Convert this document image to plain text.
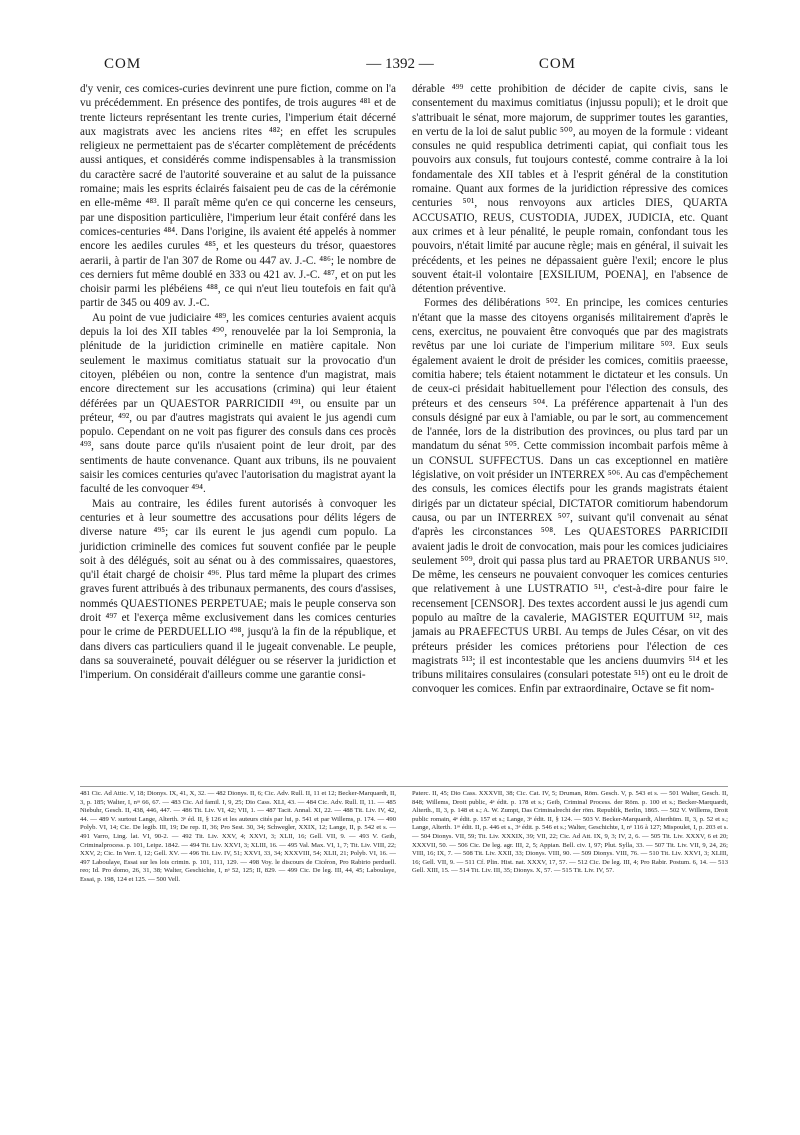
COM	— 1392 —	COM

d'y venir, ces comices-curies devinrent une pure fiction, comme on l'a vu précédemment. En présence des pontifes, de trois augures ⁴⁸¹ et de trente licteurs représentant les trente curies, l'imperium était décerné aux magistrats avec les anciens rites ⁴⁸²; en effet les scrupules religieux ne permettaient pas de s'écarter complètement de précédents aussi antiques, et considérés comme indispensables à la transmission du caractère sacré de l'autorité souveraine et au salut de la puissance romaine; mais les esprits éclairés faisaient peu de cas de la cérémonie en elle-même ⁴⁸³. Il paraît même qu'en ce qui concerne les censeurs, par une disposition particulière, l'imperium leur était conféré dans les comices-centuries ⁴⁸⁴. Dans l'origine, ils avaient été appelés à nommer encore les aediles curules ⁴⁸⁵, et les questeurs du trésor, quaestores aerarii, à partir de l'an 307 de Rome ou 447 av. J.-C. ⁴⁸⁶; le nombre de ces derniers fut même doublé en 333 ou 421 av. J.-C. ⁴⁸⁷, et on put les choisir parmi les plébéiens ⁴⁸⁸, ce qui n'eut lieu toutefois en fait qu'à partir de 345 ou 409 av. J.-C.

Au point de vue judiciaire ⁴⁸⁹, les comices centuries avaient acquis depuis la loi des XII tables ⁴⁹⁰, renouvelée par la loi Sempronia, la plénitude de la juridiction criminelle en matière capitale. Non seulement le maximus comitiatus statuait sur la provocatio d'un citoyen, plébéien ou non, contre la sentence d'un magistrat, mais encore directement sur les accusations (crimina) qui leur étaient déférées par un QUAESTOR PARRICIDII ⁴⁹¹, ou ensuite par un préteur, ⁴⁹², ou par d'autres magistrats qui avaient le jus agendi cum populo. Cependant on ne voit pas figurer des consuls dans ces procès ⁴⁹³, sans doute parce qu'ils n'usaient point de leur droit, par des sentiments de haute convenance. Quant aux tribuns, ils ne pouvaient saisir les comices centuries qu'avec l'autorisation du magistrat ayant la faculté de les convoquer ⁴⁹⁴.

Mais au contraire, les édiles furent autorisés à convoquer les centuries et à leur soumettre des accusations pour délits légers de diverse nature ⁴⁹⁵; car ils eurent le jus agendi cum populo. La juridiction criminelle des comices fut souvent confiée par le peuple soit à des délégués, soit au sénat ou à des commissaires, quaestores, qu'il était chargé de choisir ⁴⁹⁶. Plus tard même la plupart des crimes graves furent attribués à des tribunaux permanents, des cours d'assises, nommés QUAESTIONES PERPETUAE; mais le peuple conserva son droit ⁴⁹⁷ et l'exerça même exclusivement dans les comices centuries pour le crime de PERDUELLIO ⁴⁹⁸, jusqu'à la fin de la république, et dans divers cas particuliers quand il le jugeait convenable. Le peuple, dans sa souveraineté, pouvait déléguer ou se réserver la juridiction et l'imperium. On considérait d'ailleurs comme une garantie consi-

dérable ⁴⁹⁹ cette prohibition de décider de capite civis, sans le consentement du maximus comitiatus (injussu populi); et le droit que s'attribuait le sénat, more majorum, de supprimer toutes les garanties, en vertu de la loi de salut public ⁵⁰⁰, au moyen de la formule : videant consules ne quid respublica detrimenti capiat, qui confiait tous les pouvoirs aux consuls, fut toujours contesté, comme contraire à la loi fondamentale des XII tables et à l'esprit général de la constitution romaine. Quant aux formes de la juridiction répressive des comices centuries ⁵⁰¹, nous renvoyons aux articles DIES, QUARTA ACCUSATIO, REUS, CUSTODIA, JUDEX, JUDICIA, etc. Quant aux crimes et à leur pénalité, le peuple romain, confondant tous les pouvoirs, n'était limité par aucune règle; mais en général, il suivait les précédents, et les peines ne dépassaient guère l'exil; encore le plus souvent était-il volontaire [EXSILIUM, POENA], en l'absence de détention préventive.

Formes des délibérations ⁵⁰². En principe, les comices centuries n'étant que la masse des citoyens organisés militairement d'après le cens, exercitus, ne pouvaient être convoqués que par des magistrats revêtus par une loi curiate de l'imperium militare ⁵⁰³. Eux seuls également avaient le droit de présider les comices, comitiis praeesse, comitia habere; tels étaient notamment le dictateur et les consuls. Un de ceux-ci présidait habituellement pour l'élection des consuls, des préteurs et des censeurs ⁵⁰⁴. La préférence appartenait à l'un des consuls désigné par eux à l'amiable, ou par le sort, au commencement de l'année, lors de la distribution des provinces, ou plus tard par un mandatum du sénat ⁵⁰⁵. Cette commission incombait parfois même à un CONSUL SUFFECTUS. Dans un cas exceptionnel en matière législative, on voit présider un INTERREX ⁵⁰⁶. Au cas d'empêchement des consuls, les comices électifs pour les grands magistrats étaient dirigés par un dictateur spécial, DICTATOR comitiorum habendorum causa, ou par un INTERREX ⁵⁰⁷, suivant qu'il convenait au sénat d'après les circonstances ⁵⁰⁸. Les QUAESTORES PARRICIDII avaient jadis le droit de convocation, mais pour les comices judiciaires seulement ⁵⁰⁹, droit qui passa plus tard au PRAETOR URBANUS ⁵¹⁰. De même, les censeurs ne pouvaient convoquer les comices centuries que relativement à une LUSTRATIO ⁵¹¹, c'est-à-dire pour faire le recensement [CENSOR]. Des textes accordent aussi le jus agendi cum populo au maître de la cavalerie, MAGISTER EQUITUM ⁵¹², mais jamais au PRAEFECTUS URBI. Au temps de Jules César, on vit des préteurs présider les comices prétoriens pour l'élection de ces magistrats ⁵¹³; il est incontestable que les anciens duumvirs ⁵¹⁴ et les tribuns militaires consulaires (consulari potestate ⁵¹⁵) ont eu le droit de convoquer les comices. Enfin par extraordinaire, Octave se fit nom-

481 Cic. Ad Attic. V, 18; Dionys. IX, 41, X, 32. — 482 Dionys. II, 6; Cic. Adv. Rull. II, 11 et 12; Becker-Marquardt, II, 3, p. 185; Walter, I, nᵒˢ 66, 67. — 483 Cic. Ad famil. I, 9, 25; Dio Cass. XLI, 43. — 484 Cic. Adv. Rull. II, 11. — 485 Niebuhr, Gesch. II, 438, 446, 447. — 486 Tit. Liv. VI, 42; VII, 1. — 487 Tacit. Annal. XI, 22. — 488 Tit. Liv. IV, 42, 44. — 489 V. surtout Lange, Alterth. 3ᵉ éd. II, § 126 et les auteurs cités par lui, p. 541 et par Willems, p. 174. — 490 Polyb. VI, 14; Cic. De legib. III, 19; De rep. II, 36; Pro Sest. 30, 34; Schwegler, XXIX, 12; Lange, II, p. 542 et s. — 491 Varro, Ling. lat. VI, 90-2. — 492 Tit. Liv. XXV, 4; XXVI, 3; XLII, 16; Gell. VII, 9. — 493 V. Geib, Criminalprocess. p. 101, Leipz. 1842. — 494 Tit. Liv. XXVI, 3; XLIII, 16. — 495 Val. Max. VI, 1, 7; Tit. Liv. VIII, 22; XXV, 2; Cic. In Verr. I, 12; Gell. XV. — 496 Tit. Liv. IV, 51; XXVI, 33, 34; XXXVIII, 54; XLII, 21; Polyb. VI, 16. — 497 Laboulaye, Essai sur les lois crimin. p. 101, 111, 129. — 498 Voy. le discours de Cicéron, Pro Rabirio perduell. reo; Id. Pro domo, 26, 31, 38; Walter, Geschichte, I, nᵒ 52, 125; II, 829. — 499 Cic. De leg. III, 44, 45; Laboulaye, Essai, p. 198, 124 et 125. — 500 Vell.

Paterc. II, 45; Dio Cass. XXXVII, 38; Cic. Cat. IV, 5; Druman, Röm. Gesch. V, p. 543 et s. — 501 Walter, Gesch. II, 848; Willems, Droit public, 4ᵉ édit. p. 178 et s.; Geib, Criminal Process. der Röm. p. 100 et s.; Becker-Marquardt, Alterth., II, 3, p. 148 et s.; A. W. Zumpt, Das Criminalrecht der röm. Republik, Berlin, 1865. — 502 V. Willems, Droit public romain, 4ᵉ édit. p. 157 et s.; Lange, 3ᵉ édit. II, § 124. — 503 V. Becker-Marquardt, Alterthüm. II, 3, p. 52 et s.; Lange, Alterth. 1ʳᵉ édit. II, p. 446 et s., 3ᵉ édit. p. 546 et s.; Walter, Geschichte, I, nᵒ 116 à 127; Mispoulet, I, p. 203 et s. — 504 Dionys. VII, 59; Tit. Liv. XXXIX, 39; VII, 22; Cic. Ad Att. IX, 9, 3; IV, 2, 6. — 505 Tit. Liv. XXXV, 6 et 20; XXXVII, 50. — 506 Cic. De leg. agr. III, 2, 5; Appian. Bell. civ. I, 97; Plut. Sylla, 33. — 507 Tit. Liv. VII, 9, 24, 26; VIII, 16; IX, 7. — 508 Tit. Liv. XXII, 33; Dionys. VIII, 90. — 509 Dionys. VIII, 76. — 510 Tit. Liv. XXVI, 3; XLIII, 16; Gell. VII, 9. — 511 Cf. Plin. Hist. nat. XXXV, 17, 57. — 512 Cic. De leg. III, 4; Pro Rabir. Postum. 6, 14. — 513 Gell. XIII, 15. — 514 Tit. Liv. III, 35; Dionys. X, 57. — 515 Tit. Liv. IV, 57.
